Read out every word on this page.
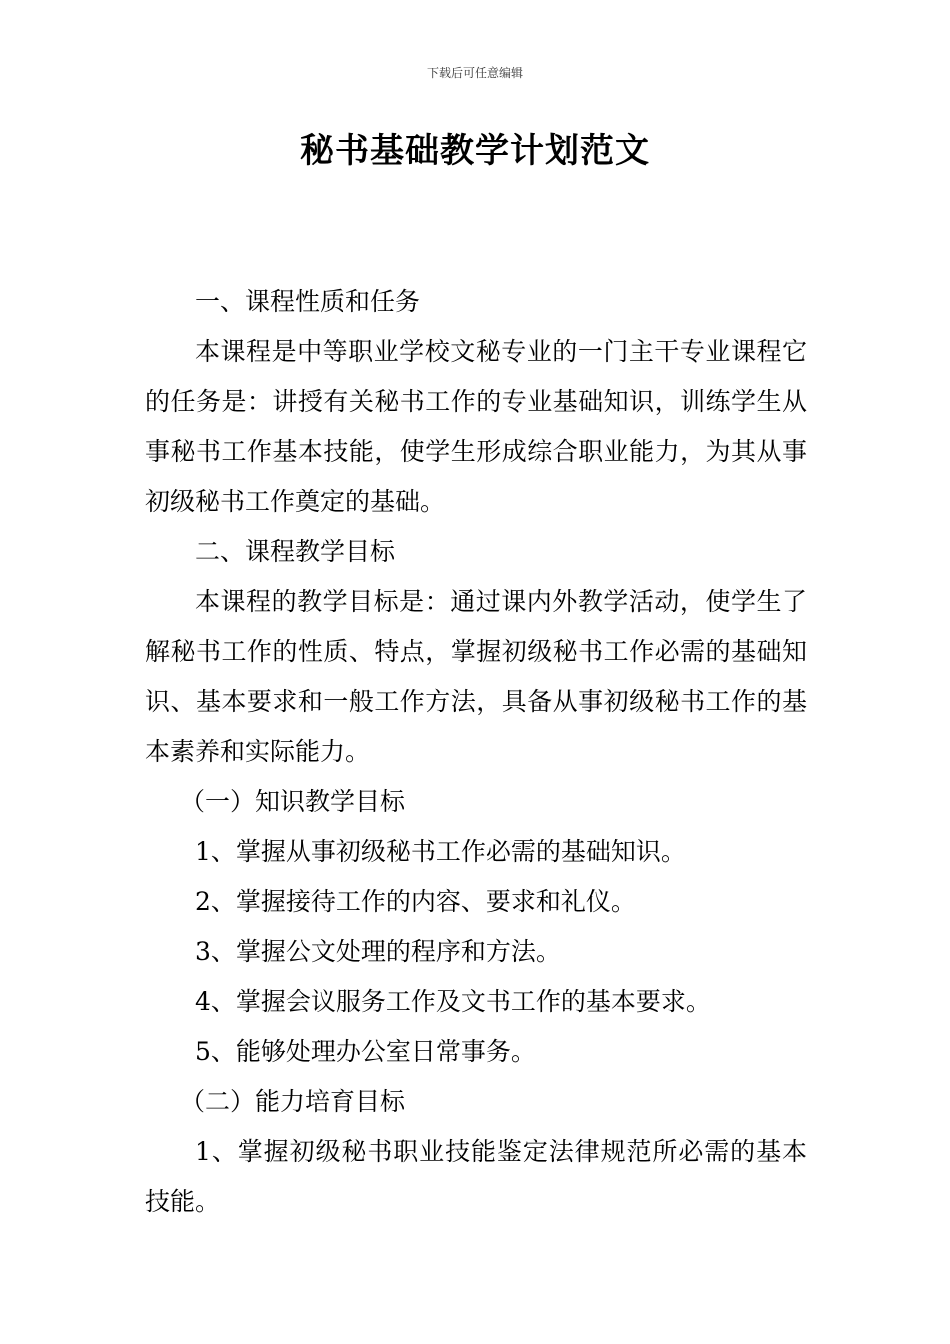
下载后可任意编辑
秘书基础教学计划范文

一、课程性质和任务

本课程是中等职业学校文秘专业的一门主干专业课程它的任务是：讲授有关秘书工作的专业基础知识，训练学生从事秘书工作基本技能，使学生形成综合职业能力，为其从事初级秘书工作奠定的基础。

二、课程教学目标

本课程的教学目标是：通过课内外教学活动，使学生了解秘书工作的性质、特点，掌握初级秘书工作必需的基础知识、基本要求和一般工作方法，具备从事初级秘书工作的基本素养和实际能力。

（一）知识教学目标

1、掌握从事初级秘书工作必需的基础知识。

2、掌握接待工作的内容、要求和礼仪。

3、掌握公文处理的程序和方法。

4、掌握会议服务工作及文书工作的基本要求。

5、能够处理办公室日常事务。

（二）能力培育目标

1、掌握初级秘书职业技能鉴定法律规范所必需的基本技能。
